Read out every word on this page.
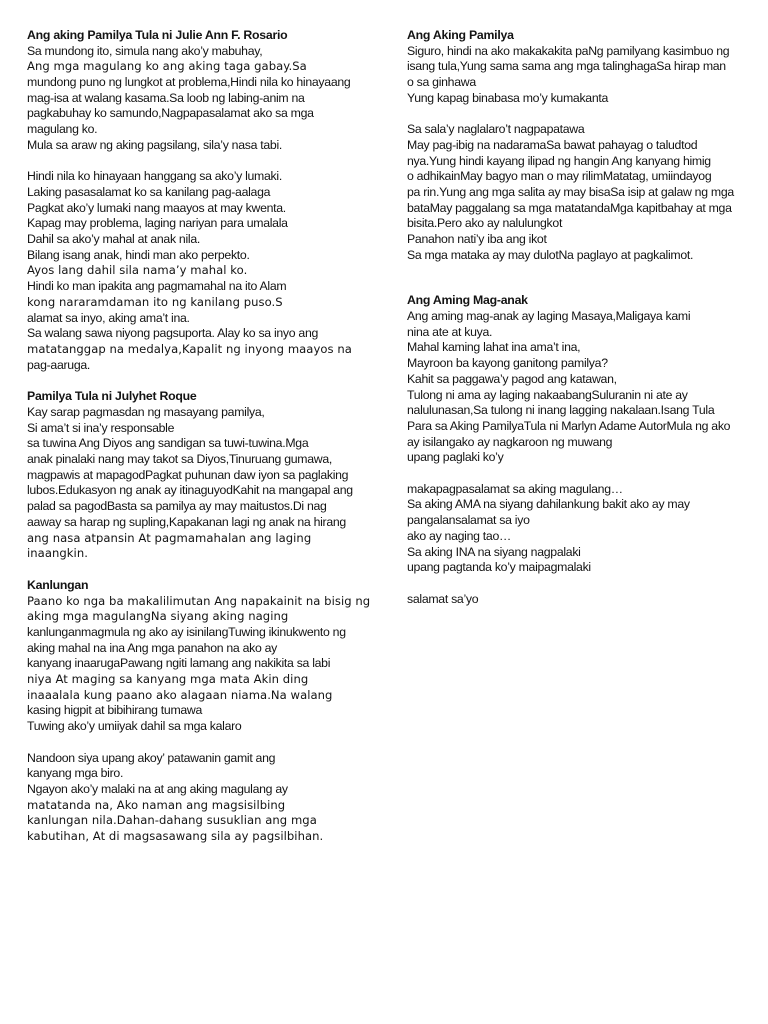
Ang aking Pamilya Tula ni Julie Ann F. Rosario

Sa mundong ito, simula nang ako’y mabuhay,
Ang mga magulang ko ang aking taga gabay.Sa
mundong puno ng lungkot at problema,Hindi nila ko hinayaang
mag-isa at walang kasama.Sa loob ng labing-anim na
pagkabuhay ko samundo,Nagpapasalamat ako sa mga
magulang ko.
Mula sa araw ng aking pagsilang, sila’y nasa tabi.
Hindi nila ko hinayaan hanggang sa ako’y lumaki.
Laking pasasalamat ko sa kanilang pag-aalaga
Pagkat ako’y lumaki nang maayos at may kwenta.
Kapag may problema, laging nariyan para umalala
Dahil sa ako’y mahal at anak nila.
Bilang isang anak, hindi man ako perpekto.
Ayos lang dahil sila nama’y mahal ko.
Hindi ko man ipakita ang pagmamahal na ito Alam
kong nararamdaman ito ng kanilang puso.S
alamat sa inyo, aking ama’t ina.
Sa walang sawa niyong pagsuporta. Alay ko sa inyo ang
matatanggap na medalya,Kapalit ng inyong maayos na
pag-aaruga.

Pamilya Tula ni Julyhet Roque

Kay sarap pagmasdan ng masayang pamilya,
Si ama’t si ina’y responsable
sa tuwina Ang Diyos ang sandigan sa tuwi-tuwina.Mga
anak pinalaki nang may takot sa Diyos,Tinuruang gumawa,
magpawis at mapagodPagkat puhunan daw iyon sa paglaking
lubos.Edukasyon ng anak ay itinaguyodKahit na mangapal ang
palad sa pagodBasta sa pamilya ay may maitustos.Di nag
aaway sa harap ng supling,Kapakanan lagi ng anak na hirang
ang nasa atpansin At pagmamahalan ang laging
inaangkin.

Kanlungan

Paano ko nga ba makalilimutan Ang napakainit na bisig ng
aking mga magulangNa siyang aking naging
kanlunganmagmula ng ako ay isinilangTuwing ikinukwento ng
aking mahal na ina Ang mga panahon na ako ay
kanyang inaarugaPawang ngiti lamang ang nakikita sa labi
niya At maging sa kanyang mga mata Akin ding
inaaalala kung paano ako alagaan niama.Na walang
kasing higpit at bibihirang tumawa
Tuwing ako’y umiiyak dahil sa mga kalaro
Nandoon siya upang akoy’ patawanin gamit ang
kanyang mga biro.
Ngayon ako’y malaki na at ang aking magulang ay
matatanda na, Ako naman ang magsisilbing
kanlungan nila.Dahan-dahang susuklian ang mga
kabutihan, At di magsasawang sila ay pagsilbihan.

Ang Aking Pamilya

Siguro, hindi na ako makakakita paNg pamilyang kasimbuo ng
isang tula,Yung sama sama ang mga talinghagaSa hirap man
o sa ginhawa
Yung kapag binabasa mo’y kumakanta
Sa sala’y naglalaro’t nagpapatawa
May pag-ibig na nadaramaSa bawat pahayag o taludtod
nya.Yung hindi kayang ilipad ng hangin Ang kanyang himig
o adhikainMay bagyo man o may rilimMatatag, umiindayog
pa rin.Yung ang mga salita ay may bisaSa isip at galaw ng mga
bataMay paggalang sa mga matatandaMga kapitbahay at mga
bisita.Pero ako ay nalulungkot
Panahon nati’y iba ang ikot
Sa mga mataka ay may dulotNa paglayo at pagkalimot.

Ang Aming Mag-anak

Ang aming mag-anak ay laging Masaya,Maligaya kami
nina ate at kuya.
Mahal kaming lahat ina ama’t ina,
Mayroon ba kayong ganitong pamilya?
Kahit sa paggawa’y pagod ang katawan,
Tulong ni ama ay laging nakaabangSuluranin ni ate ay
nalulunasan,Sa tulong ni inang lagging nakalaan.Isang Tula
Para sa Aking PamilyaTula ni Marlyn Adame AutorMula ng ako
ay isilangako ay nagkaroon ng muwang
upang paglaki ko’y
makapagpasalamat sa aking magulang…
Sa aking AMA na siyang dahilankung bakit ako ay may
pangalansalamat sa iyo
ako ay naging tao…
Sa aking INA na siyang nagpalaki
upang pagtanda ko’y maipagmalaki
salamat sa’yo
